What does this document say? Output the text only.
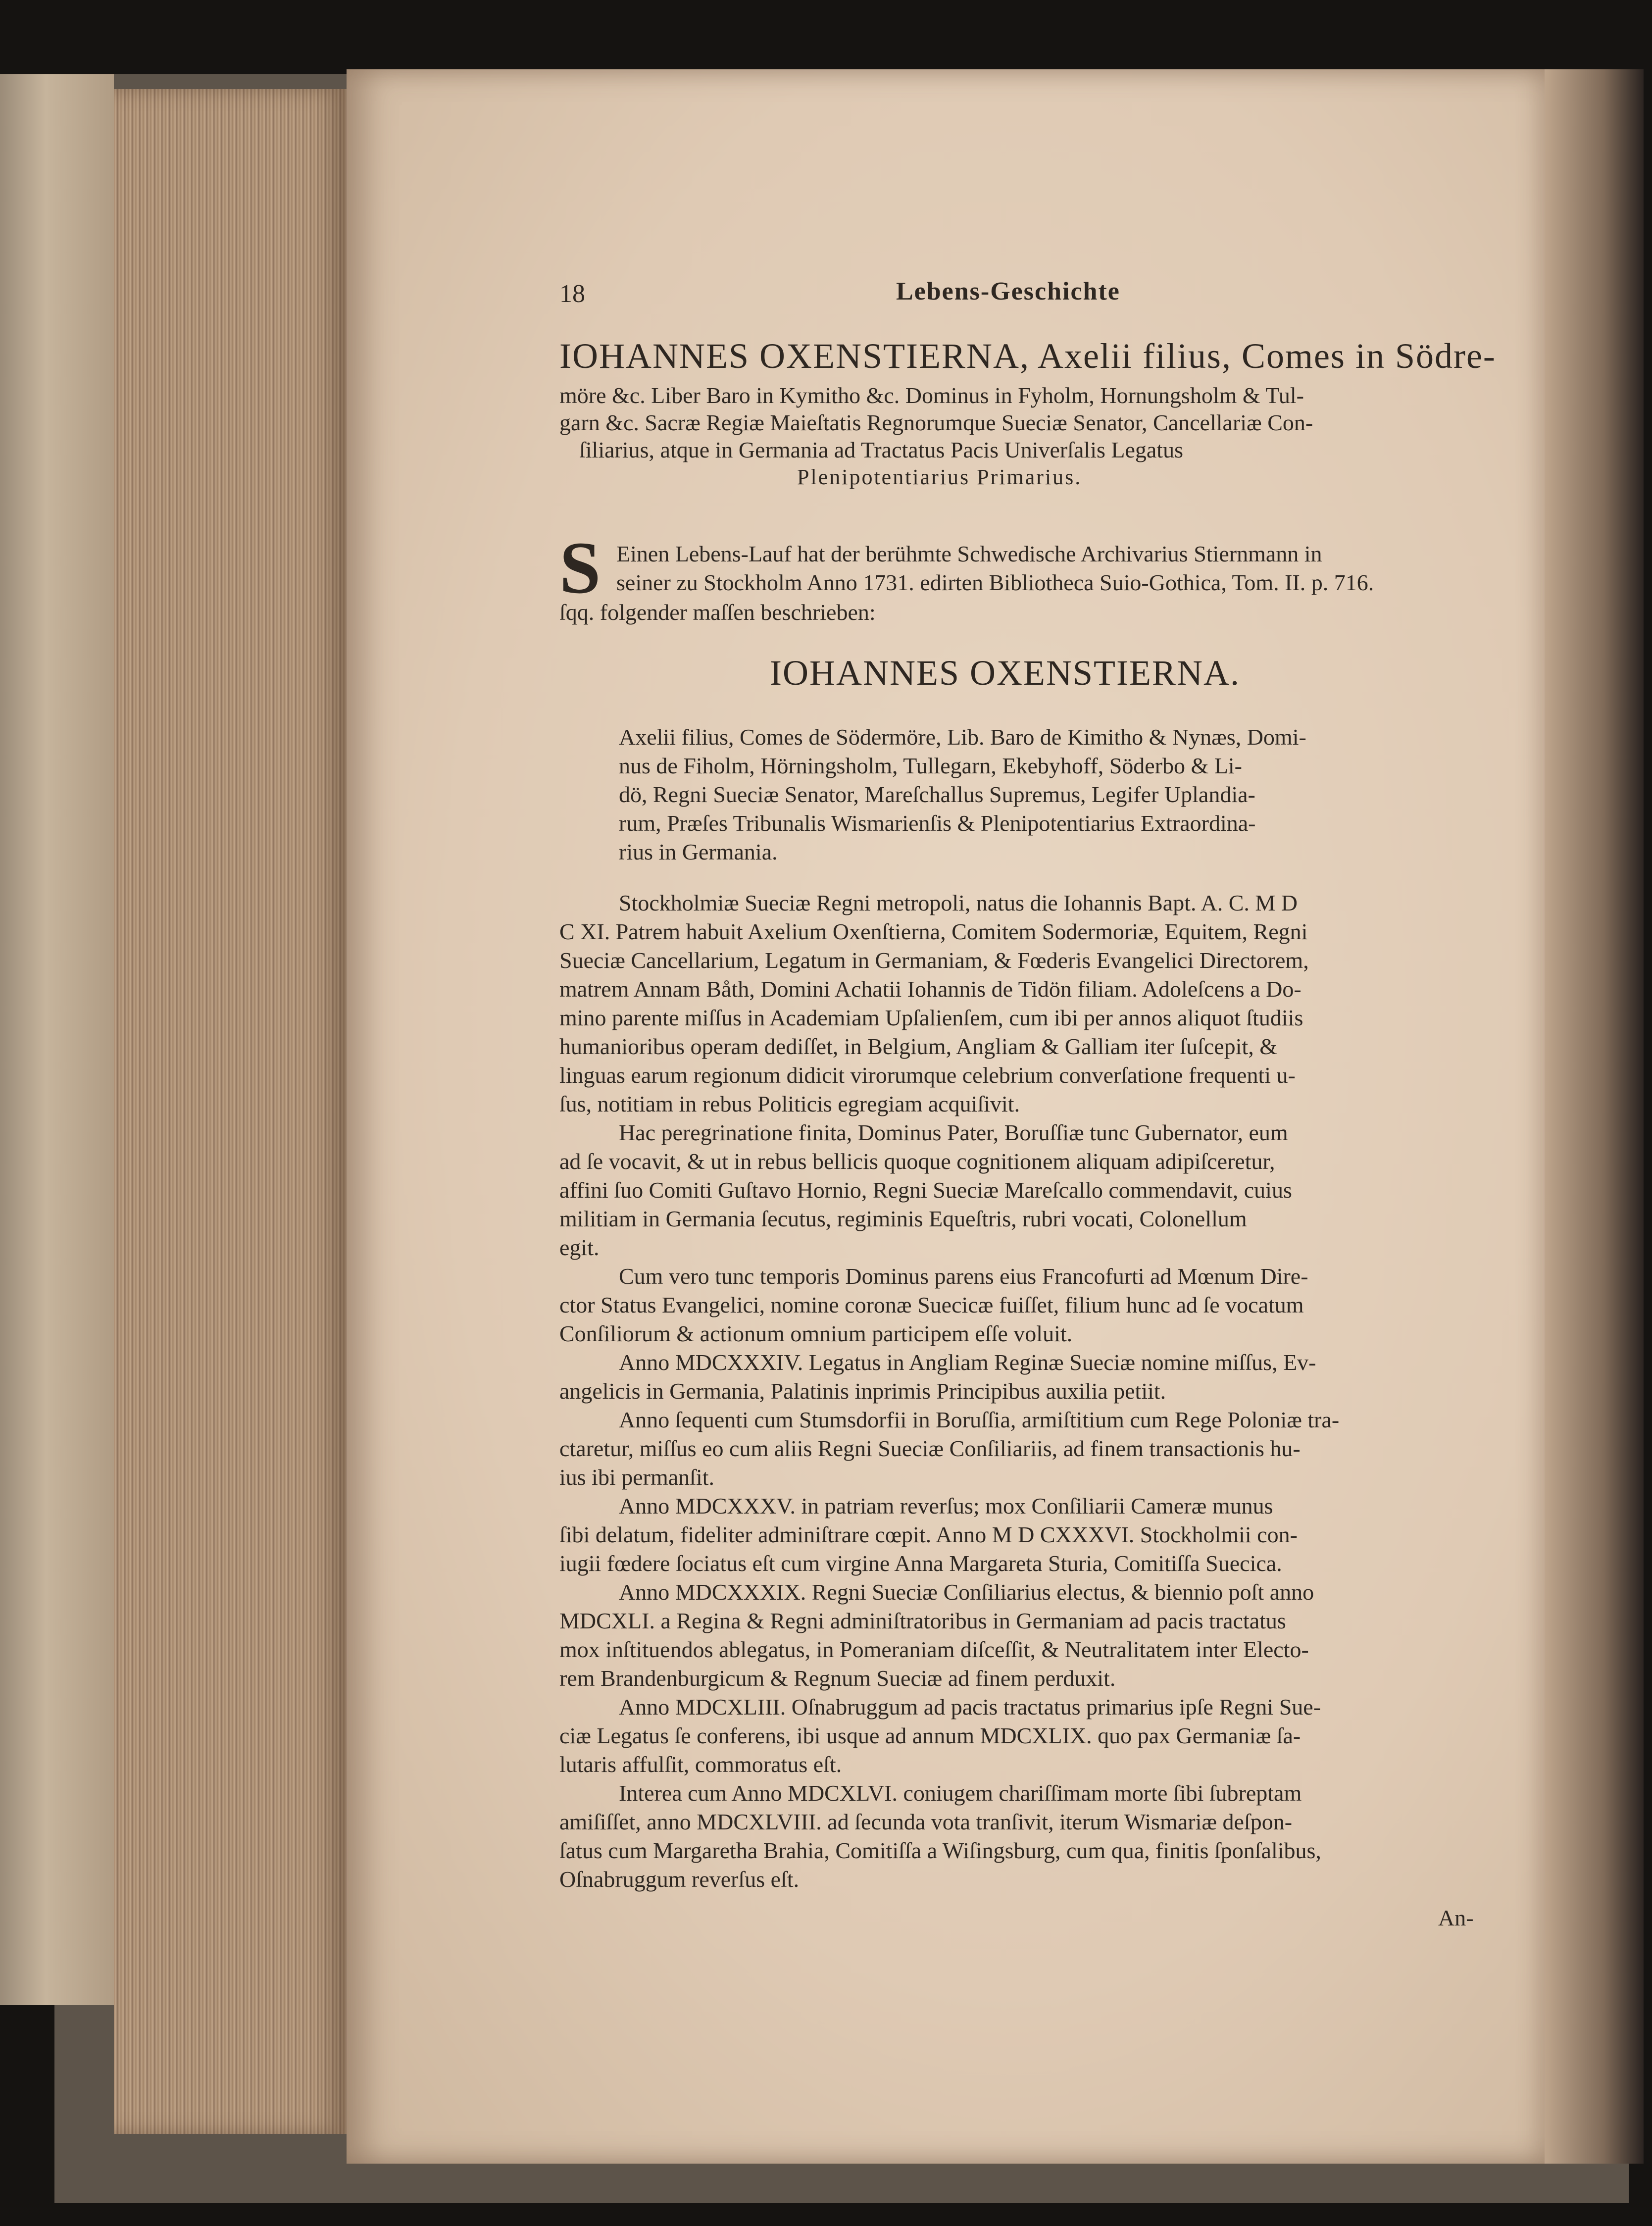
18	Lebens-Geschichte
IOHANNES OXENSTIERNA, Axelii filius, Comes in Södre-
möre &c. Liber Baro in Kymitho &c. Dominus in Fyholm, Hornungsholm & Tul-
garn &c. Sacræ Regiæ Maieſtatis Regnorumque Sueciæ Senator, Cancellariæ Con-
ſiliarius, atque in Germania ad Tractatus Pacis Univerſalis Legatus
Plenipotentiarius Primarius.
S Einen Lebens-Lauf hat der berühmte Schwedische Archivarius Stiernmann in
seiner zu Stockholm Anno 1731. edirten Bibliotheca Suio-Gothica, Tom. II. p. 716.
ſqq. folgender maſſen beschrieben:
IOHANNES OXENSTIERNA.
Axelii filius, Comes de Södermöre, Lib. Baro de Kimitho & Nynæs, Domi-
nus de Fiholm, Hörningsholm, Tullegarn, Ekebyhoff, Söderbo & Li-
dö, Regni Sueciæ Senator, Mareſchallus Supremus, Legifer Uplandia-
rum, Præſes Tribunalis Wismarienſis & Plenipotentiarius Extraordina-
rius in Germania.
Stockholmiæ Sueciæ Regni metropoli, natus die Iohannis Bapt. A. C. M D
C XI. Patrem habuit Axelium Oxenſtierna, Comitem Sodermoriæ, Equitem, Regni
Sueciæ Cancellarium, Legatum in Germaniam, & Fœderis Evangelici Directorem,
matrem Annam Båth, Domini Achatii Iohannis de Tidön filiam. Adoleſcens a Do-
mino parente miſſus in Academiam Upſalienſem, cum ibi per annos aliquot ſtudiis
humanioribus operam dediſſet, in Belgium, Angliam & Galliam iter ſuſcepit, &
linguas earum regionum didicit virorumque celebrium converſatione frequenti u-
ſus, notitiam in rebus Politicis egregiam acquiſivit.
Hac peregrinatione finita, Dominus Pater, Boruſſiæ tunc Gubernator, eum
ad ſe vocavit, & ut in rebus bellicis quoque cognitionem aliquam adipiſceretur,
affini ſuo Comiti Guſtavo Hornio, Regni Sueciæ Mareſcallo commendavit, cuius
militiam in Germania ſecutus, regiminis Equeſtris, rubri vocati, Colonellum
egit.
Cum vero tunc temporis Dominus parens eius Francofurti ad Mœnum Dire-
ctor Status Evangelici, nomine coronæ Suecicæ fuiſſet, filium hunc ad ſe vocatum
Conſiliorum & actionum omnium participem eſſe voluit.
Anno MDCXXXIV. Legatus in Angliam Reginæ Sueciæ nomine miſſus, Ev-
angelicis in Germania, Palatinis inprimis Principibus auxilia petiit.
Anno ſequenti cum Stumsdorfii in Boruſſia, armiſtitium cum Rege Poloniæ tra-
ctaretur, miſſus eo cum aliis Regni Sueciæ Conſiliariis, ad finem transactionis hu-
ius ibi permanſit.
Anno MDCXXXV. in patriam reverſus; mox Conſiliarii Cameræ munus
ſibi delatum, fideliter adminiſtrare cœpit. Anno M D CXXXVI. Stockholmii con-
iugii fœdere ſociatus eſt cum virgine Anna Margareta Sturia, Comitiſſa Suecica.
Anno MDCXXXIX. Regni Sueciæ Conſiliarius electus, & biennio poſt anno
MDCXLI. a Regina & Regni adminiſtratoribus in Germaniam ad pacis tractatus
mox inſtituendos ablegatus, in Pomeraniam diſceſſit, & Neutralitatem inter Electo-
rem Brandenburgicum & Regnum Sueciæ ad finem perduxit.
Anno MDCXLIII. Oſnabruggum ad pacis tractatus primarius ipſe Regni Sue-
ciæ Legatus ſe conferens, ibi usque ad annum MDCXLIX. quo pax Germaniæ ſa-
lutaris affulſit, commoratus eſt.
Interea cum Anno MDCXLVI. coniugem chariſſimam morte ſibi ſubreptam
amiſiſſet, anno MDCXLVIII. ad ſecunda vota tranſivit, iterum Wismariæ deſpon-
ſatus cum Margaretha Brahia, Comitiſſa a Wiſingsburg, cum qua, finitis ſponſalibus,
Oſnabruggum reverſus eſt.
An-
